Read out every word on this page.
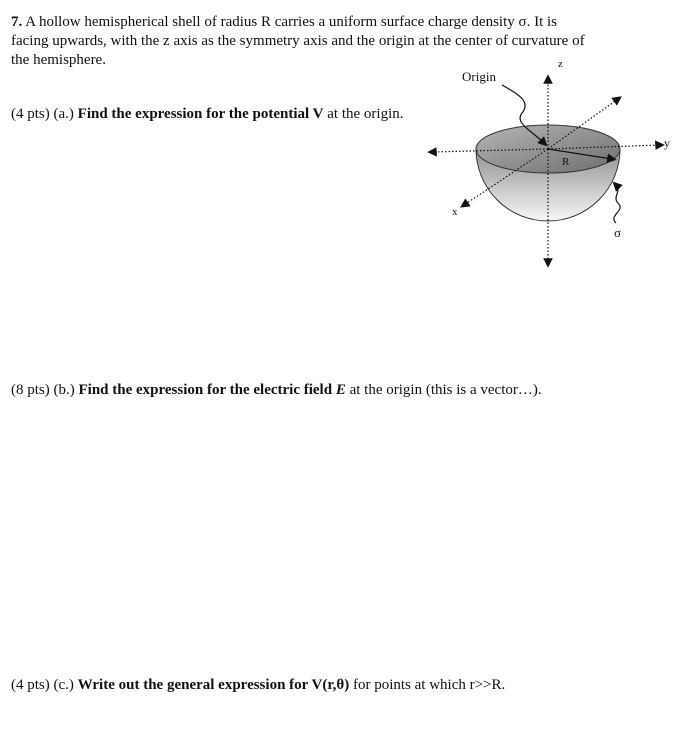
7. A hollow hemispherical shell of radius R carries a uniform surface charge density σ. It is facing upwards, with the z axis as the symmetry axis and the origin at the center of curvature of the hemisphere.
(4 pts) (a.) Find the expression for the potential V at the origin.
Origin
z
y
x
R
σ
(8 pts) (b.) Find the expression for the electric field E at the origin (this is a vector…).
(4 pts) (c.) Write out the general expression for V(r,θ) for points at which r>>R.
